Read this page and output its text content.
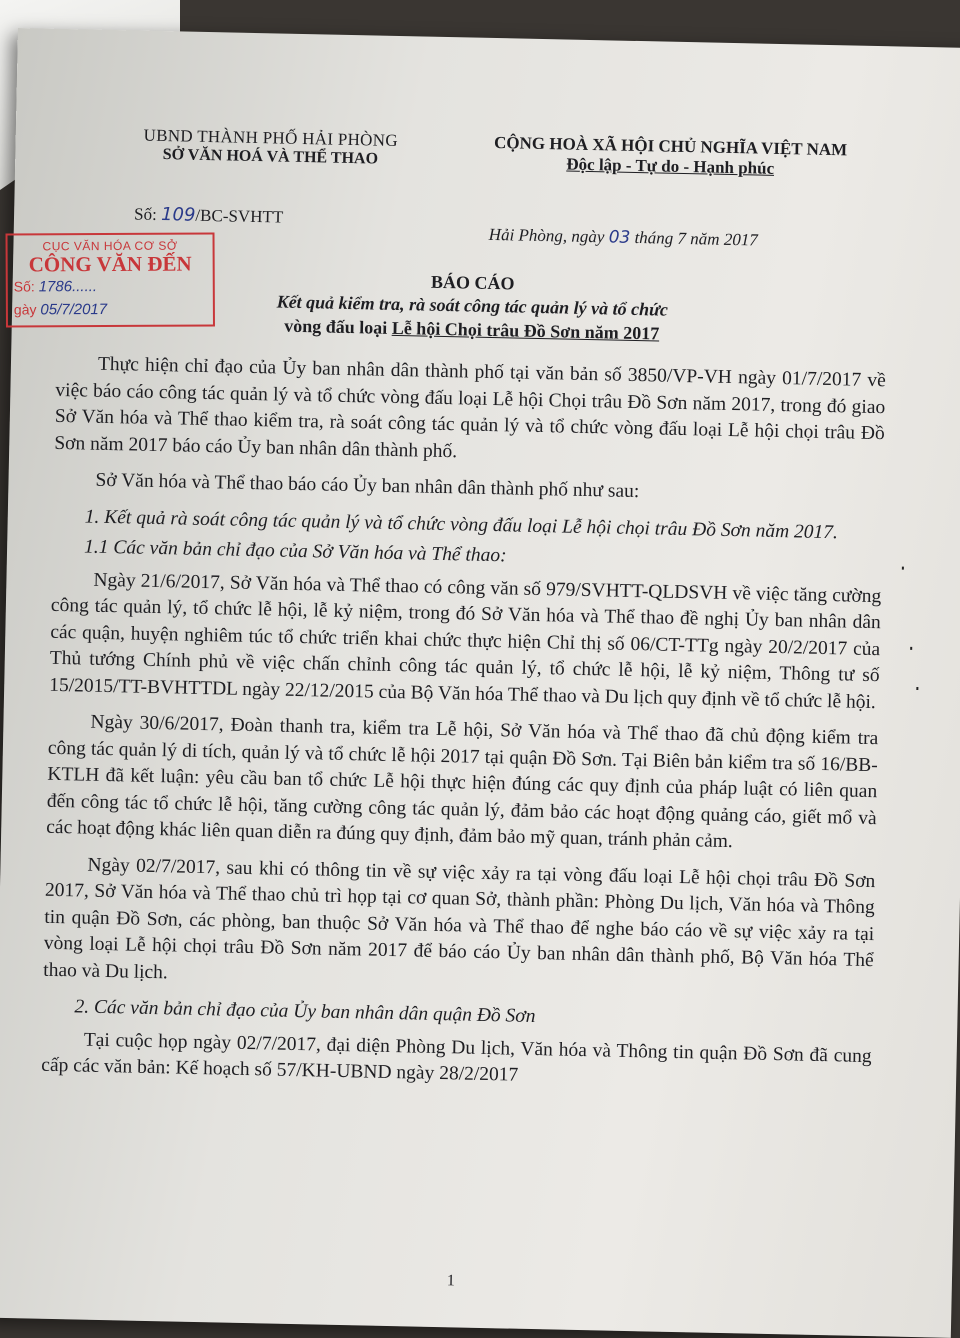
UBND THÀNH PHỐ HẢI PHÒNG
SỞ VĂN HOÁ VÀ THỂ THAO	CỘNG HOÀ XÃ HỘI CHỦ NGHĨA VIỆT NAM
Độc lập - Tự do - Hạnh phúc
Số: 109/BC-SVHTT
Hải Phòng, ngày 03 tháng 7 năm 2017
CỤC VĂN HÓA CƠ SỞ
CÔNG VĂN ĐẾN
Số: 1786......
gày 05/7/2017
BÁO CÁO
Kết quả kiểm tra, rà soát công tác quản lý và tổ chức
vòng đấu loại Lễ hội Chọi trâu Đồ Sơn năm 2017

Thực hiện chỉ đạo của Ủy ban nhân dân thành phố tại văn bản số 3850/VP-VH ngày 01/7/2017 về việc báo cáo công tác quản lý và tổ chức vòng đấu loại Lễ hội Chọi trâu Đồ Sơn năm 2017, trong đó giao Sở Văn hóa và Thể thao kiểm tra, rà soát công tác quản lý và tổ chức vòng đấu loại Lễ hội chọi trâu Đồ Sơn năm 2017 báo cáo Ủy ban nhân dân thành phố.

Sở Văn hóa và Thể thao báo cáo Ủy ban nhân dân thành phố như sau:

1. Kết quả rà soát công tác quản lý và tổ chức vòng đấu loại Lễ hội chọi trâu Đồ Sơn năm 2017.

1.1 Các văn bản chỉ đạo của Sở Văn hóa và Thể thao:

Ngày 21/6/2017, Sở Văn hóa và Thể thao có công văn số 979/SVHTT-QLDSVH về việc tăng cường công tác quản lý, tổ chức lễ hội, lễ kỷ niệm, trong đó Sở Văn hóa và Thể thao đề nghị Ủy ban nhân dân các quận, huyện nghiêm túc tổ chức triển khai chức thực hiện Chỉ thị số 06/CT-TTg ngày 20/2/2017 của Thủ tướng Chính phủ về việc chấn chỉnh công tác quản lý, tổ chức lễ hội, lễ kỷ niệm, Thông tư số 15/2015/TT-BVHTTDL ngày 22/12/2015 của Bộ Văn hóa Thể thao và Du lịch quy định về tổ chức lễ hội.

Ngày 30/6/2017, Đoàn thanh tra, kiểm tra Lễ hội, Sở Văn hóa và Thể thao đã chủ động kiểm tra công tác quản lý di tích, quản lý và tổ chức lễ hội 2017 tại quận Đồ Sơn. Tại Biên bản kiểm tra số 16/BB-KTLH đã kết luận: yêu cầu ban tổ chức Lễ hội thực hiện đúng các quy định của pháp luật có liên quan đến công tác tổ chức lễ hội, tăng cường công tác quản lý, đảm bảo các hoạt động quảng cáo, giết mổ và các hoạt động khác liên quan diễn ra đúng quy định, đảm bảo mỹ quan, tránh phản cảm.

Ngày 02/7/2017, sau khi có thông tin về sự việc xảy ra tại vòng đấu loại Lễ hội chọi trâu Đồ Sơn 2017, Sở Văn hóa và Thể thao chủ trì họp tại cơ quan Sở, thành phần: Phòng Du lịch, Văn hóa và Thông tin quận Đồ Sơn, các phòng, ban thuộc Sở Văn hóa và Thể thao để nghe báo cáo về sự việc xảy ra tại vòng loại Lễ hội chọi trâu Đồ Sơn năm 2017 để báo cáo Ủy ban nhân dân thành phố, Bộ Văn hóa Thể thao và Du lịch.

2. Các văn bản chỉ đạo của Ủy ban nhân dân quận Đồ Sơn

Tại cuộc họp ngày 02/7/2017, đại diện Phòng Du lịch, Văn hóa và Thông tin quận Đồ Sơn đã cung cấp các văn bản: Kế hoạch số 57/KH-UBND ngày 28/2/2017

1
